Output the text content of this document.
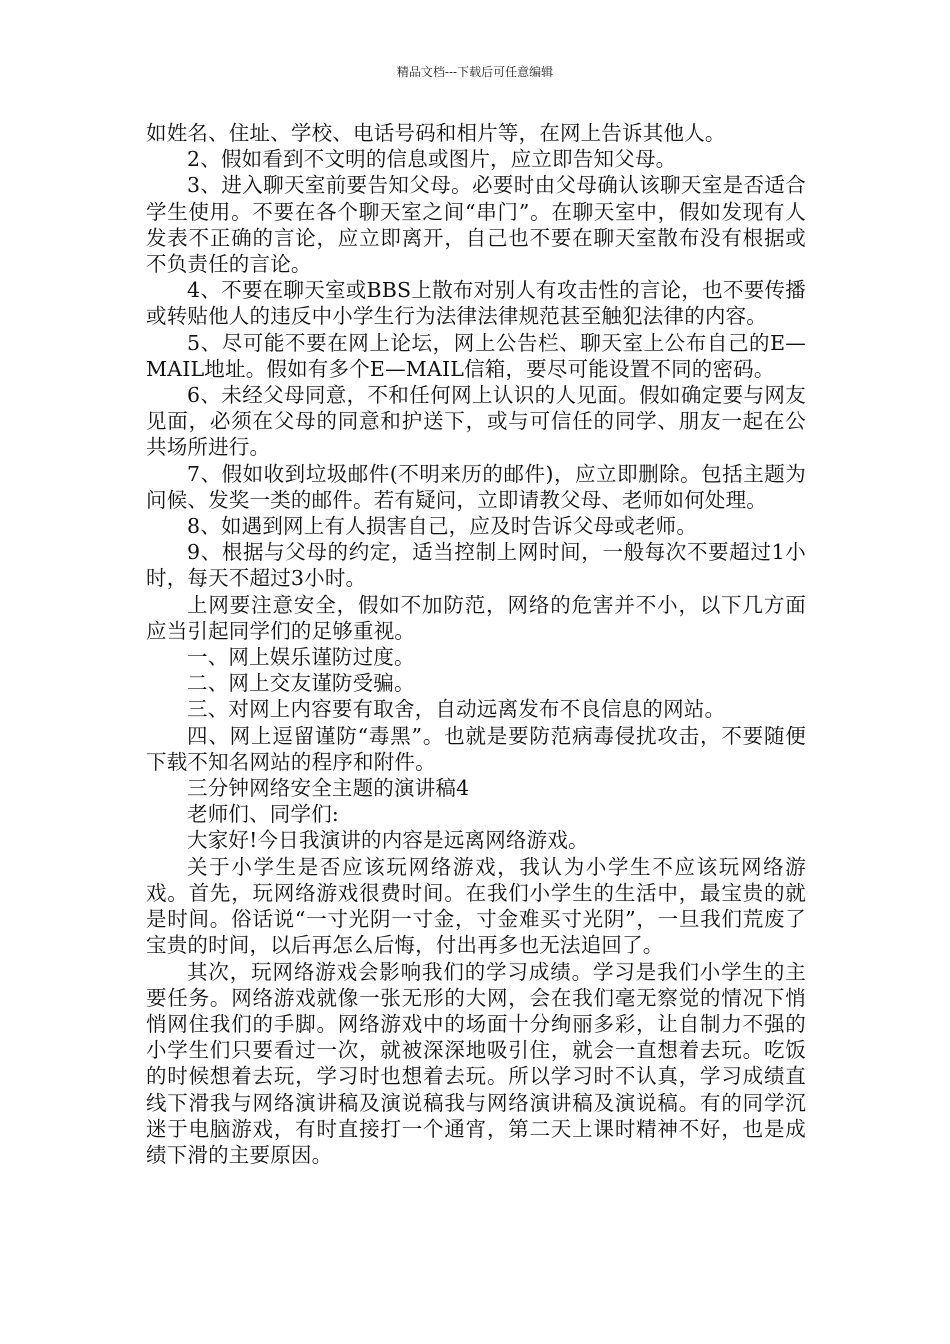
精品文档---下载后可任意编辑

如姓名、住址、学校、电话号码和相片等，在网上告诉其他人。

2、假如看到不文明的信息或图片，应立即告知父母。

3、进入聊天室前要告知父母。必要时由父母确认该聊天室是否适合学生使用。不要在各个聊天室之间“串门”。在聊天室中，假如发现有人发表不正确的言论，应立即离开，自己也不要在聊天室散布没有根据或不负责任的言论。

4、不要在聊天室或BBS上散布对别人有攻击性的言论，也不要传播或转贴他人的违反中小学生行为法律法律规范甚至触犯法律的内容。

5、尽可能不要在网上论坛，网上公告栏、聊天室上公布自己的E—MAIL地址。假如有多个E—MAIL信箱，要尽可能设置不同的密码。

6、未经父母同意，不和任何网上认识的人见面。假如确定要与网友见面，必须在父母的同意和护送下，或与可信任的同学、朋友一起在公共场所进行。

7、假如收到垃圾邮件(不明来历的邮件)，应立即删除。包括主题为问候、发奖一类的邮件。若有疑问，立即请教父母、老师如何处理。

8、如遇到网上有人损害自己，应及时告诉父母或老师。

9、根据与父母的约定，适当控制上网时间，一般每次不要超过1小时，每天不超过3小时。

上网要注意安全，假如不加防范，网络的危害并不小，以下几方面应当引起同学们的足够重视。

一、网上娱乐谨防过度。

二、网上交友谨防受骗。

三、对网上内容要有取舍，自动远离发布不良信息的网站。

四、网上逗留谨防“毒黑”。也就是要防范病毒侵扰攻击，不要随便下载不知名网站的程序和附件。

三分钟网络安全主题的演讲稿4

老师们、同学们:

大家好!今日我演讲的内容是远离网络游戏。

关于小学生是否应该玩网络游戏，我认为小学生不应该玩网络游戏。首先，玩网络游戏很费时间。在我们小学生的生活中，最宝贵的就是时间。俗话说“一寸光阴一寸金，寸金难买寸光阴”，一旦我们荒废了宝贵的时间，以后再怎么后悔，付出再多也无法追回了。

其次，玩网络游戏会影响我们的学习成绩。学习是我们小学生的主要任务。网络游戏就像一张无形的大网，会在我们毫无察觉的情况下悄悄网住我们的手脚。网络游戏中的场面十分绚丽多彩，让自制力不强的小学生们只要看过一次，就被深深地吸引住，就会一直想着去玩。吃饭的时候想着去玩，学习时也想着去玩。所以学习时不认真，学习成绩直线下滑我与网络演讲稿及演说稿我与网络演讲稿及演说稿。有的同学沉迷于电脑游戏，有时直接打一个通宵，第二天上课时精神不好，也是成绩下滑的主要原因。
